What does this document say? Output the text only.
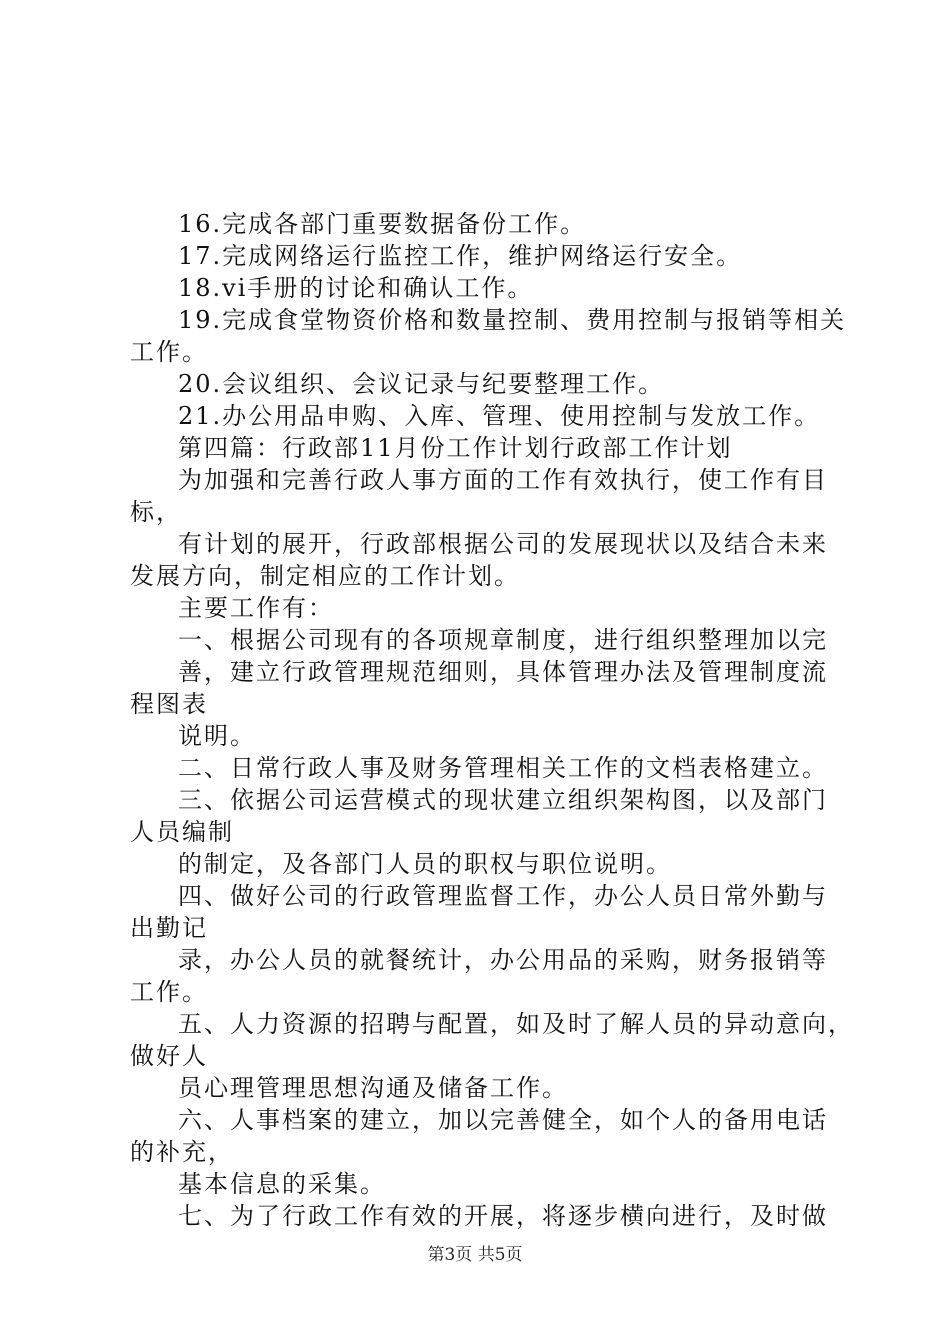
16.完成各部门重要数据备份工作。
17.完成网络运行监控工作，维护网络运行安全。
18.vi手册的讨论和确认工作。
19.完成食堂物资价格和数量控制、费用控制与报销等相关
工作。
20.会议组织、会议记录与纪要整理工作。
21.办公用品申购、入库、管理、使用控制与发放工作。
第四篇：行政部11月份工作计划行政部工作计划
为加强和完善行政人事方面的工作有效执行，使工作有目
标，
有计划的展开，行政部根据公司的发展现状以及结合未来
发展方向，制定相应的工作计划。
主要工作有：
一、根据公司现有的各项规章制度，进行组织整理加以完
善，建立行政管理规范细则，具体管理办法及管理制度流
程图表
说明。
二、日常行政人事及财务管理相关工作的文档表格建立。
三、依据公司运营模式的现状建立组织架构图，以及部门
人员编制
的制定，及各部门人员的职权与职位说明。
四、做好公司的行政管理监督工作，办公人员日常外勤与
出勤记
录，办公人员的就餐统计，办公用品的采购，财务报销等
工作。
五、人力资源的招聘与配置，如及时了解人员的异动意向，
做好人
员心理管理思想沟通及储备工作。
六、人事档案的建立，加以完善健全，如个人的备用电话
的补充，
基本信息的采集。
七、为了行政工作有效的开展，将逐步横向进行，及时做
第3页 共5页
